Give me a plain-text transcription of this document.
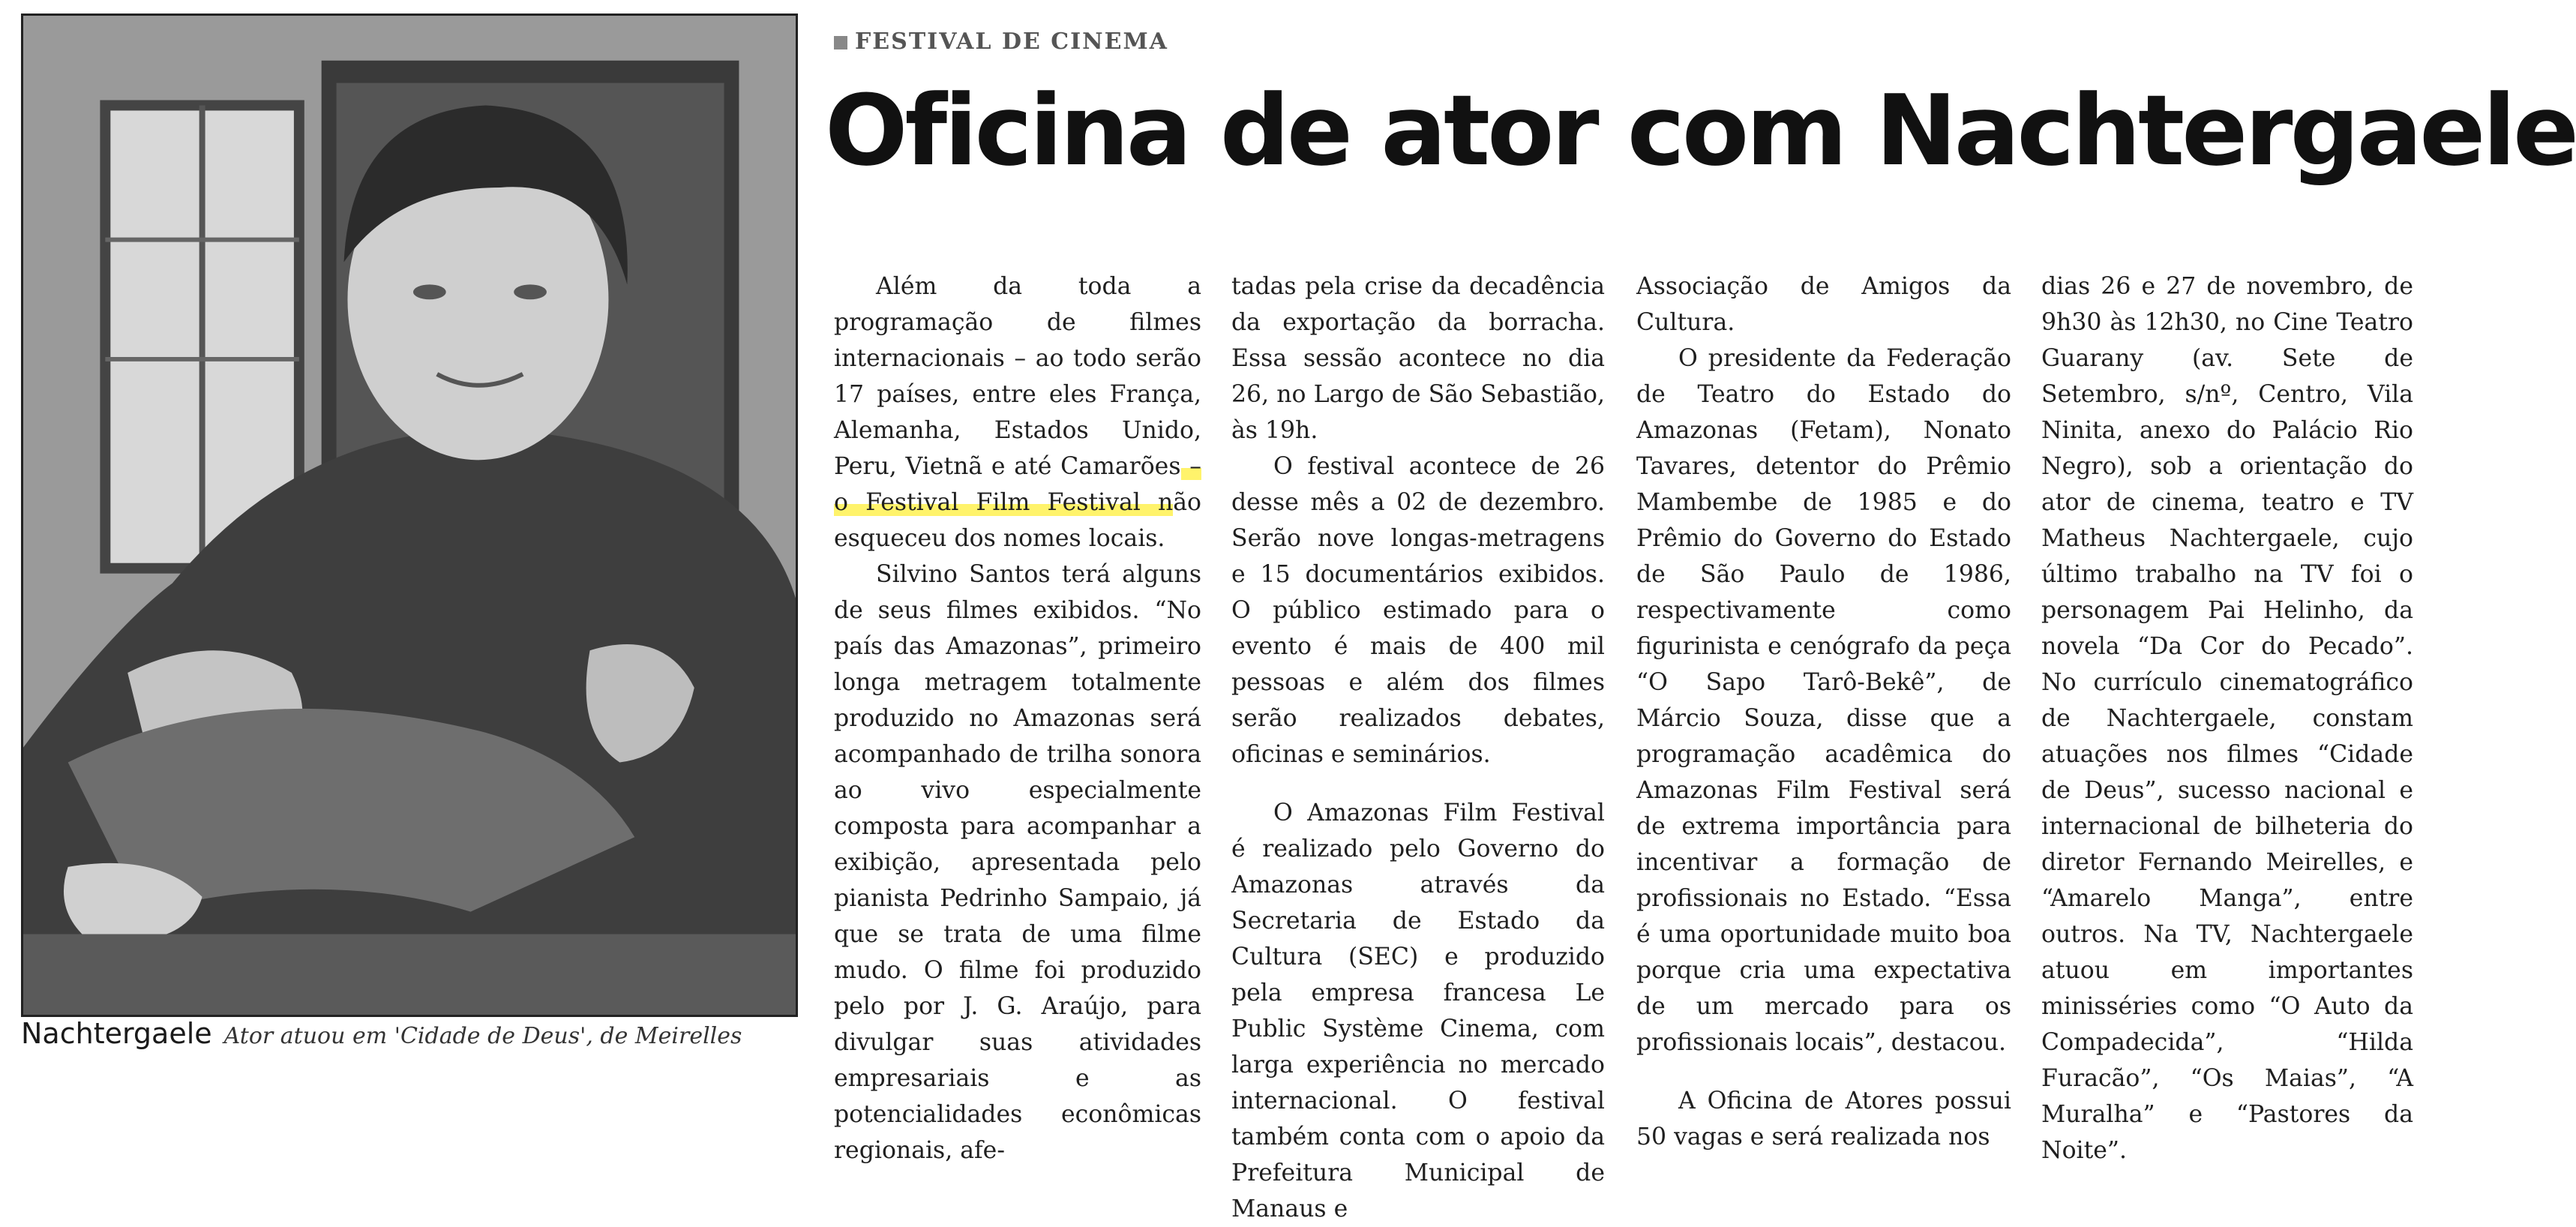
Nachtergaele Ator atuou em 'Cidade de Deus', de Meirelles
FESTIVAL DE CINEMA
Oficina de ator com Nachtergaele

Além da toda a programação de filmes internacionais – ao todo serão 17 países, entre eles França, Alemanha, Estados Unido, Peru, Vietnã e até Camarões – o Festival Film Festival não esqueceu dos nomes locais.

Silvino Santos terá alguns de seus filmes exibidos. “No país das Amazonas”, primeiro longa metragem totalmente produzido no Amazonas será acompanhado de trilha sonora ao vivo especialmente composta para acompanhar a exibição, apresentada pelo pianista Pedrinho Sampaio, já que se trata de uma filme mudo. O filme foi produzido pelo por J. G. Araújo, para divulgar suas atividades empresariais e as potencialidades econômicas regionais, afe-

tadas pela crise da decadência da exportação da borracha. Essa sessão acontece no dia 26, no Largo de São Sebastião, às 19h.

O festival acontece de 26 desse mês a 02 de dezembro. Serão nove longas-metragens e 15 documentários exibidos. O público estimado para o evento é mais de 400 mil pessoas e além dos filmes serão realizados debates, oficinas e seminários.

O Amazonas Film Festival é realizado pelo Governo do Amazonas através da Secretaria de Estado da Cultura (SEC) e produzido pela empresa francesa Le Public Système Cinema, com larga experiência no mercado internacional. O festival também conta com o apoio da Prefeitura Municipal de Manaus e

Associação de Amigos da Cultura.

O presidente da Federação de Teatro do Estado do Amazonas (Fetam), Nonato Tavares, detentor do Prêmio Mambembe de 1985 e do Prêmio do Governo do Estado de São Paulo de 1986, respectivamente como figurinista e cenógrafo da peça “O Sapo Tarô-Bekê”, de Márcio Souza, disse que a programação acadêmica do Amazonas Film Festival será de extrema importância para incentivar a formação de profissionais no Estado. “Essa é uma oportunidade muito boa porque cria uma expectativa de um mercado para os profissionais locais”, destacou.

A Oficina de Atores possui 50 vagas e será realizada nos

dias 26 e 27 de novembro, de 9h30 às 12h30, no Cine Teatro Guarany (av. Sete de Setembro, s/nº, Centro, Vila Ninita, anexo do Palácio Rio Negro), sob a orientação do ator de cinema, teatro e TV Matheus Nachtergaele, cujo último trabalho na TV foi o personagem Pai Helinho, da novela “Da Cor do Pecado”. No currículo cinematográfico de Nachtergaele, constam atuações nos filmes “Cidade de Deus”, sucesso nacional e internacional de bilheteria do diretor Fernando Meirelles, e “Amarelo Manga”, entre outros. Na TV, Nachtergaele atuou em importantes minisséries como “O Auto da Compadecida”, “Hilda Furacão”, “Os Maias”, “A Muralha” e “Pastores da Noite”.
